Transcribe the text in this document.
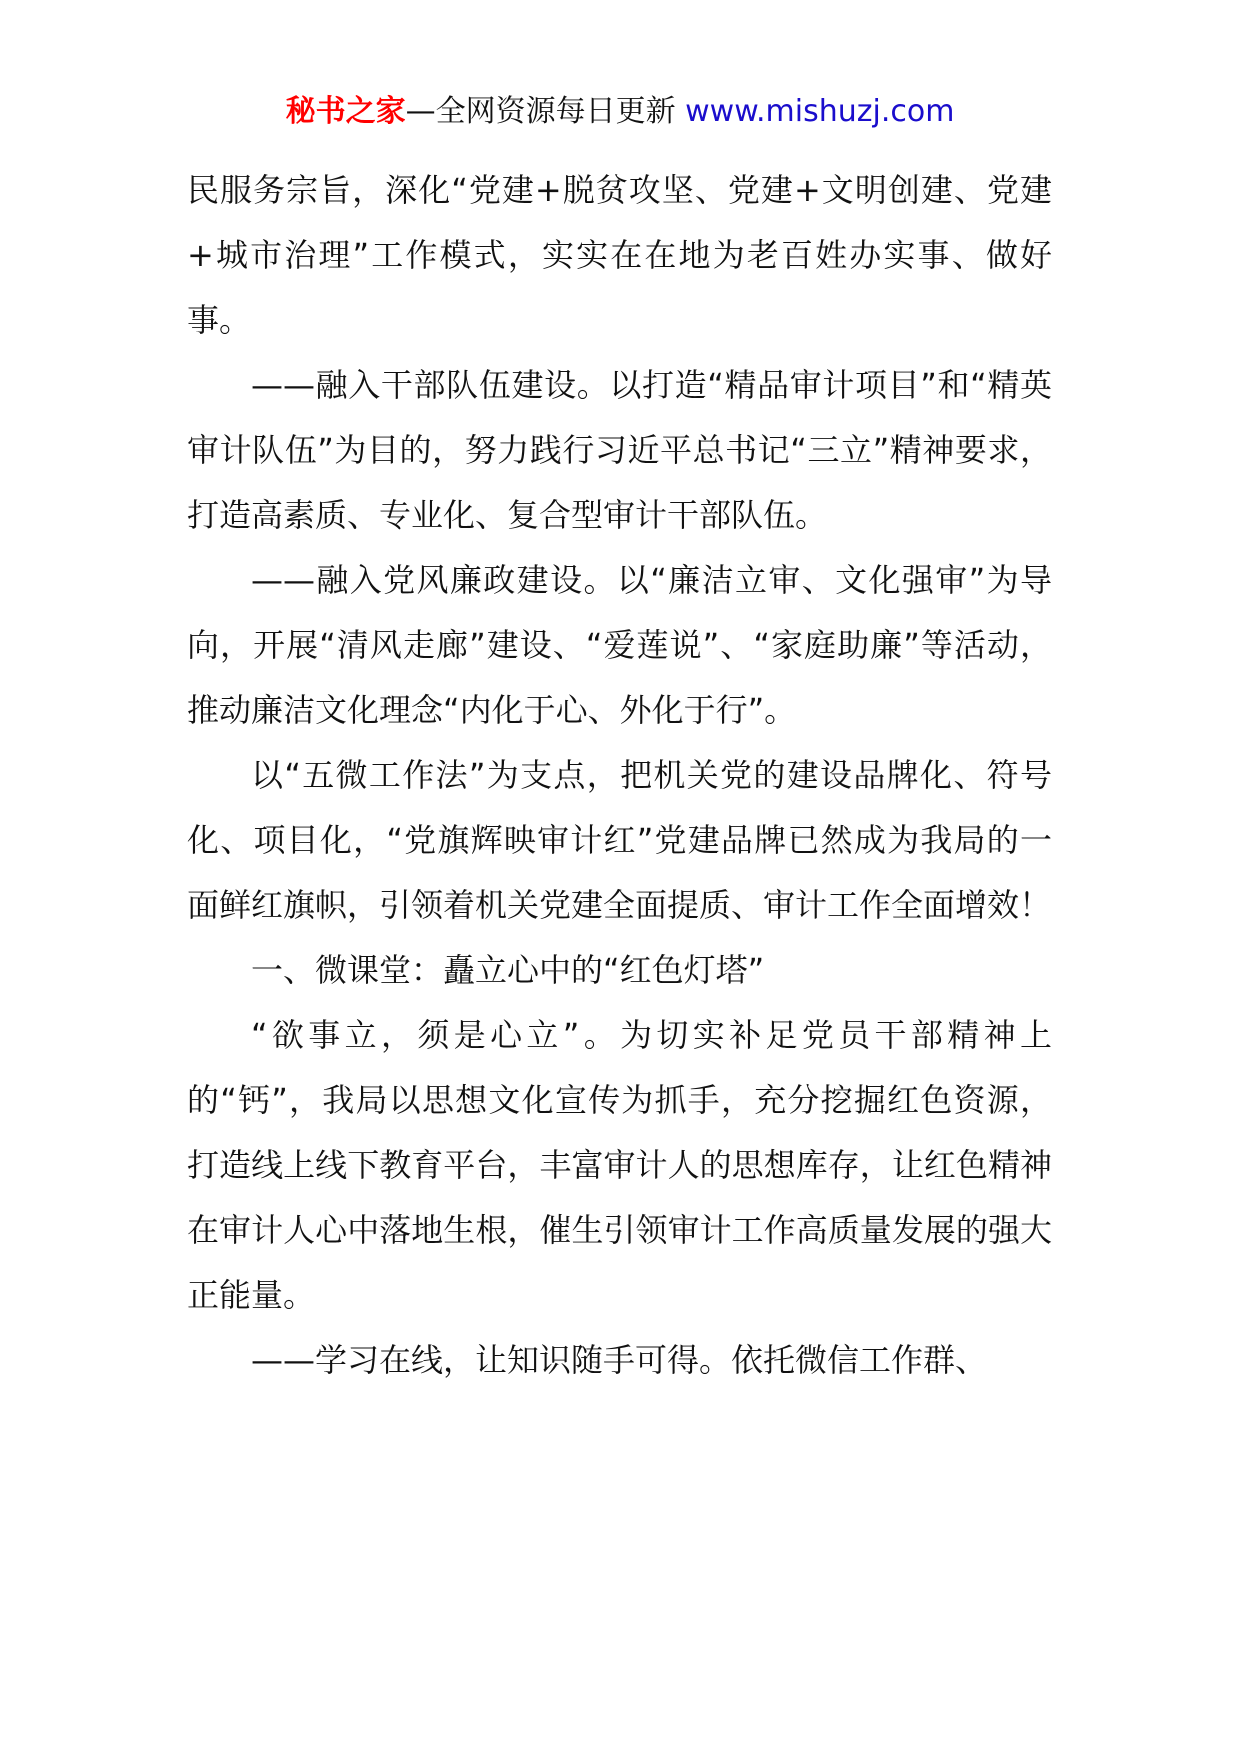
秘书之家—全网资源每日更新 www.mishuzj.com

民服务宗旨，深化“党建+脱贫攻坚、党建+文明创建、党建+城市治理”工作模式，实实在在地为老百姓办实事、做好事。

——融入干部队伍建设。以打造“精品审计项目”和“精英审计队伍”为目的，努力践行习近平总书记“三立”精神要求，打造高素质、专业化、复合型审计干部队伍。

——融入党风廉政建设。以“廉洁立审、文化强审”为导向，开展“清风走廊”建设、“爱莲说”、“家庭助廉”等活动，推动廉洁文化理念“内化于心、外化于行”。

以“五微工作法”为支点，把机关党的建设品牌化、符号化、项目化，“党旗辉映审计红”党建品牌已然成为我局的一面鲜红旗帜，引领着机关党建全面提质、审计工作全面增效！

一、微课堂：矗立心中的“红色灯塔”

“欲事立，须是心立”。为切实补足党员干部精神上的“钙”，我局以思想文化宣传为抓手，充分挖掘红色资源，打造线上线下教育平台，丰富审计人的思想库存，让红色精神在审计人心中落地生根，催生引领审计工作高质量发展的强大正能量。

——学习在线，让知识随手可得。依托微信工作群、
